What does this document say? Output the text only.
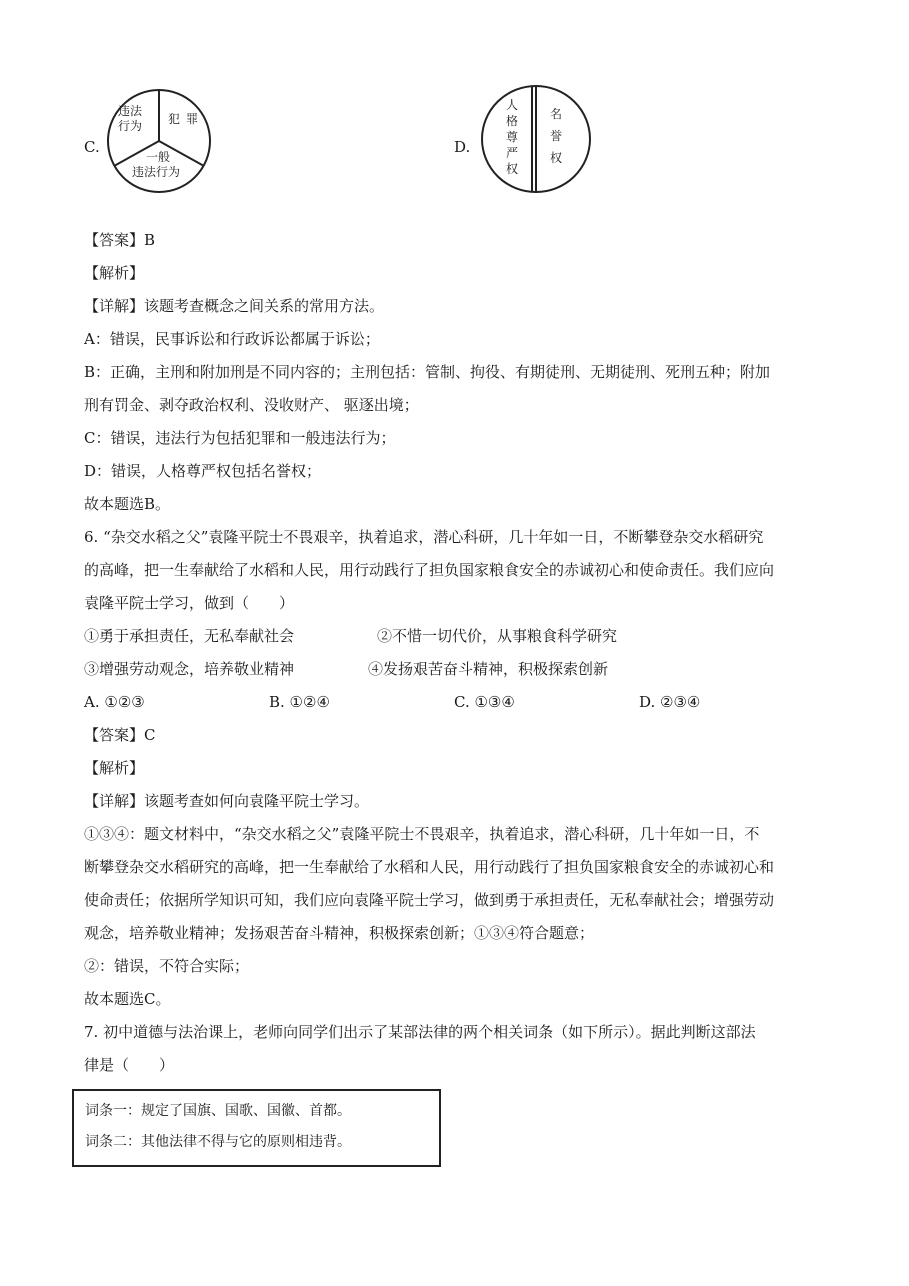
C.
违法
行为 犯 罪
一般
违法行为
D.
人
格
尊
严
权
名
誉
权
【答案】B
【解析】
【详解】该题考查概念之间关系的常用方法。
A：错误，民事诉讼和行政诉讼都属于诉讼；
B：正确，主刑和附加刑是不同内容的；主刑包括：管制、拘役、有期徒刑、无期徒刑、死刑五种；附加
刑有罚金、剥夺政治权利、没收财产、 驱逐出境；
C：错误，违法行为包括犯罪和一般违法行为；
D：错误，人格尊严权包括名誉权；
故本题选B。
6. “杂交水稻之父”袁隆平院士不畏艰辛，执着追求，潜心科研，几十年如一日，不断攀登杂交水稻研究
的高峰，把一生奉献给了水稻和人民，用行动践行了担负国家粮食安全的赤诚初心和使命责任。我们应向
袁隆平院士学习，做到（　　）
①勇于承担责任，无私奉献社会	②不惜一切代价，从事粮食科学研究
③增强劳动观念，培养敬业精神	④发扬艰苦奋斗精神，积极探索创新
A. ①②③	B. ①②④	C. ①③④	D. ②③④
【答案】C
【解析】
【详解】该题考查如何向袁隆平院士学习。
①③④：题文材料中，“杂交水稻之父”袁隆平院士不畏艰辛，执着追求，潜心科研，几十年如一日，不
断攀登杂交水稻研究的高峰，把一生奉献给了水稻和人民，用行动践行了担负国家粮食安全的赤诚初心和
使命责任；依据所学知识可知，我们应向袁隆平院士学习，做到勇于承担责任，无私奉献社会；增强劳动
观念，培养敬业精神；发扬艰苦奋斗精神，积极探索创新；①③④符合题意；
②：错误，不符合实际；
故本题选C。
7. 初中道德与法治课上，老师向同学们出示了某部法律的两个相关词条（如下所示）。据此判断这部法
律是（　　）
词条一：规定了国旗、国歌、国徽、首都。
词条二：其他法律不得与它的原则相违背。
